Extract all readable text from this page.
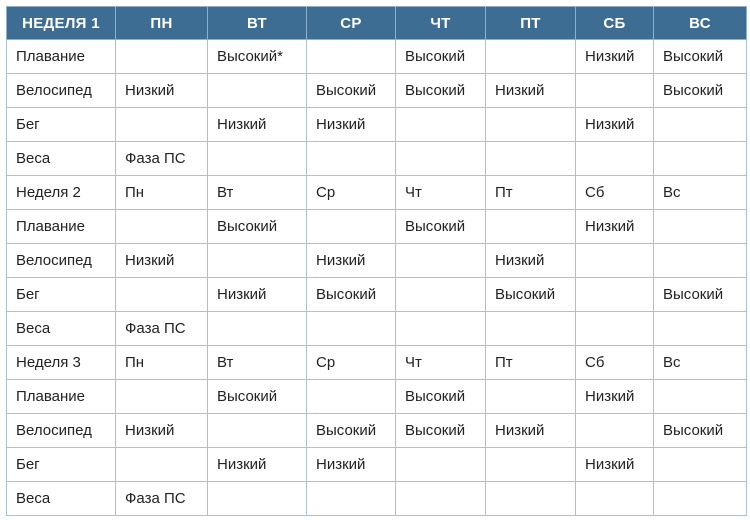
НЕДЕЛЯ 1	ПН	ВТ	СР	ЧТ	ПТ	СБ	ВС
Плавание		Высокий*		Высокий		Низкий	Высокий
Велосипед	Низкий		Высокий	Высокий	Низкий		Высокий
Бег		Низкий	Низкий			Низкий	
Веса	Фаза ПС						
Неделя 2	Пн	Вт	Ср	Чт	Пт	Сб	Вс
Плавание		Высокий		Высокий		Низкий	
Велосипед	Низкий		Низкий		Низкий		
Бег		Низкий	Высокий		Высокий		Высокий
Веса	Фаза ПС						
Неделя 3	Пн	Вт	Ср	Чт	Пт	Сб	Вс
Плавание		Высокий		Высокий		Низкий	
Велосипед	Низкий		Высокий	Высокий	Низкий		Высокий
Бег		Низкий	Низкий			Низкий	
Веса	Фаза ПС						
